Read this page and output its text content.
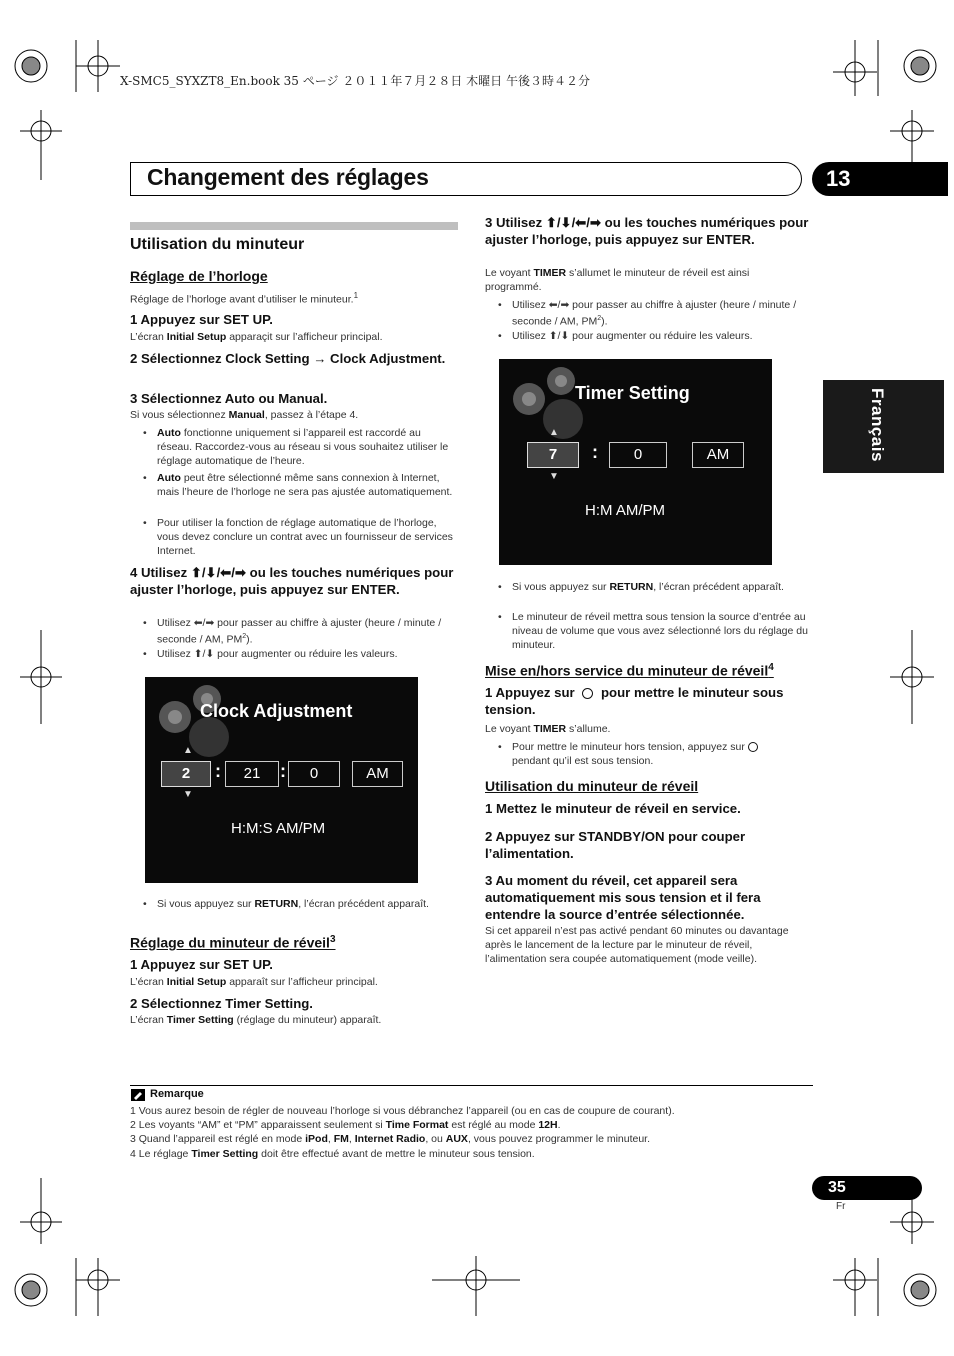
X-SMC5_SYXZT8_En.book 35 ページ ２０１１年７月２８日 木曜日 午後３時４２分
Changement des réglages	13
Français
Utilisation du minuteur
Réglage de l’horloge
Réglage de l’horloge avant d’utiliser le minuteur.$^1$
1 Appuyez sur SET UP.
L’écran Initial Setup apparaçit sur l’afficheur principal.
2 Sélectionnez Clock Setting → Clock Adjustment.
3 Sélectionnez Auto ou Manual.
Si vous sélectionnez Manual, passez à l’étape 4.
• Auto fonctionne uniquement si l’appareil est raccordé au réseau. Raccordez-vous au réseau si vous souhaitez utiliser le réglage automatique de l’heure.
• Auto peut être sélectionné même sans connexion à Internet, mais l’heure de l’horloge ne sera pas ajustée automatiquement.
• Pour utiliser la fonction de réglage automatique de l’horloge, vous devez conclure un contrat avec un fournisseur de services Internet.
4 Utilisez ⬆/⬇/⬅/➡ ou les touches numériques pour ajuster l’horloge, puis appuyez sur ENTER.
• Utilisez ⬅/➡ pour passer au chiffre à ajuster (heure / minute / seconde / AM, $PM^2$).
• Utilisez ⬆/⬇ pour augmenter ou réduire les valeurs.
Clock Adjustment
▲
2	:	21	:	0	AM
▼
H:M:S AM/PM
• Si vous appuyez sur RETURN, l’écran précédent apparaît.
Réglage du minuteur de réveil$^3$
1 Appuyez sur SET UP.
L’écran Initial Setup apparaît sur l’afficheur principal.
2 Sélectionnez Timer Setting.
L’écran Timer Setting (réglage du minuteur) apparaît.
3 Utilisez ⬆/⬇/⬅/➡ ou les touches numériques pour ajuster l’horloge, puis appuyez sur ENTER.
Le voyant TIMER s’allumet le minuteur de réveil est ainsi programmé.
• Utilisez ⬅/➡ pour passer au chiffre à ajuster (heure / minute / seconde / AM, $PM^2$).
• Utilisez ⬆/⬇ pour augmenter ou réduire les valeurs.
Timer Setting
▲
7	:	0	AM
▼
H:M AM/PM
• Si vous appuyez sur RETURN, l’écran précédent apparaît.
• Le minuteur de réveil mettra sous tension la source d’entrée au niveau de volume que vous avez sélectionné lors du réglage du minuteur.
Mise en/hors service du minuteur de réveil$^4$
1 Appuyez sur  pour mettre le minuteur sous tension.
Le voyant TIMER s’allume.
• Pour mettre le minuteur hors tension, appuyez sur
pendant qu’il est sous tension.
Utilisation du minuteur de réveil
1 Mettez le minuteur de réveil en service.
2 Appuyez sur STANDBY/ON pour couper l’alimentation.
3 Au moment du réveil, cet appareil sera automatiquement mis sous tension et il fera entendre la source d’entrée sélectionnée.
Si cet appareil n’est pas activé pendant 60 minutes ou davantage après le lancement de la lecture par le minuteur de réveil, l’alimentation sera coupée automatiquement (mode veille).
Remarque
1 Vous aurez besoin de régler de nouveau l’horloge si vous débranchez l’appareil (ou en cas de coupure de courant).
2 Les voyants “AM” et “PM” apparaissent seulement si Time Format est réglé au mode 12H.
3 Quand l’appareil est réglé en mode iPod, FM, Internet Radio, ou AUX, vous pouvez programmer le minuteur.
4 Le réglage Timer Setting doit être effectué avant de mettre le minuteur sous tension.
35
Fr
